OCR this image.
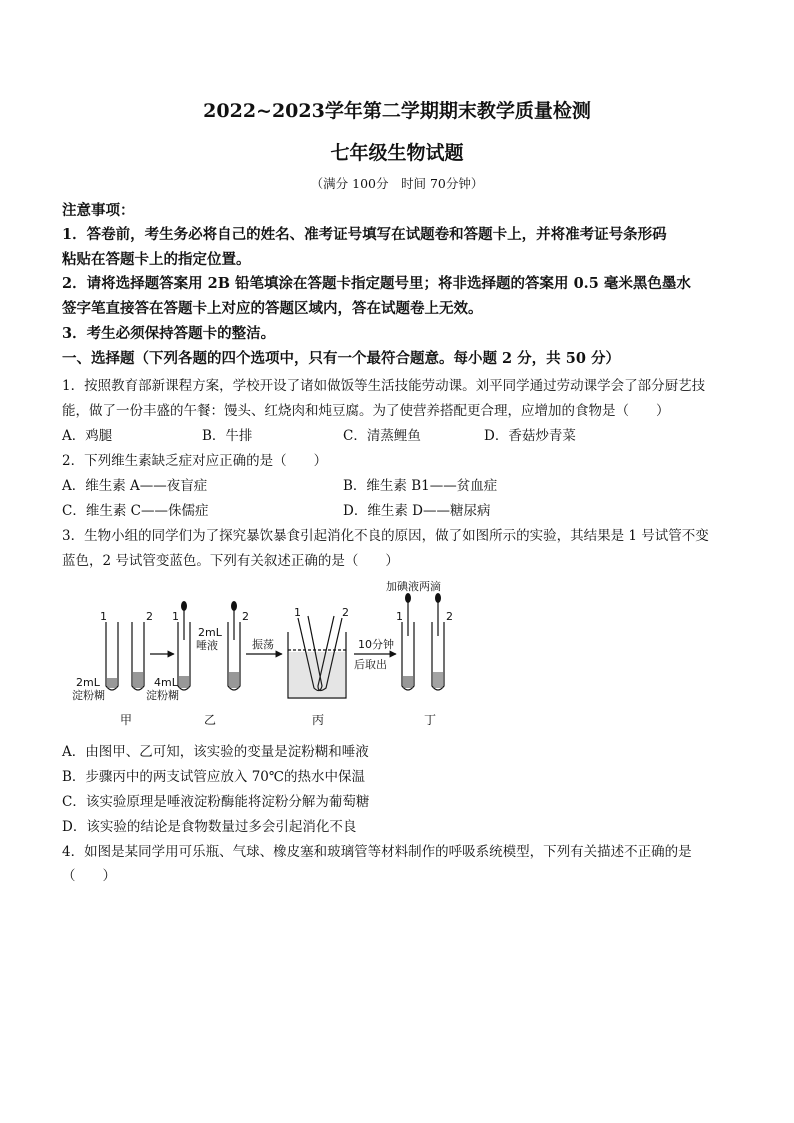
2022~2023学年第二学期期末教学质量检测
七年级生物试题
（满分 100分　时间 70分钟）
注意事项：
1．答卷前，考生务必将自己的姓名、准考证号填写在试题卷和答题卡上，并将准考证号条形码
粘贴在答题卡上的指定位置。
2．请将选择题答案用 2B 铅笔填涂在答题卡指定题号里；将非选择题的答案用 0.5 毫米黑色墨水
签字笔直接答在答题卡上对应的答题区域内，答在试题卷上无效。
3．考生必须保持答题卡的整洁。
一、选择题（下列各题的四个选项中，只有一个最符合题意。每小题 2 分，共 50 分）
1．按照教育部新课程方案，学校开设了诸如做饭等生活技能劳动课。刘平同学通过劳动课学会了部分厨艺技
能，做了一份丰盛的午餐：馒头、红烧肉和炖豆腐。为了使营养搭配更合理，应增加的食物是（　　）
A．鸡腿	B．牛排	C．清蒸鲤鱼	D．香菇炒青菜
2．下列维生素缺乏症对应正确的是（　　）
A．维生素 A——夜盲症	B．维生素 B1——贫血症
C．维生素 C——侏儒症	D．维生素 D——糖尿病
3．生物小组的同学们为了探究暴饮暴食引起消化不良的原因，做了如图所示的实验，其结果是 1 号试管不变
蓝色，2 号试管变蓝色。下列有关叙述正确的是（　　）
1	2 1	2	1	2	1	2
2mL
淀粉糊
4mL
淀粉糊
2mL
唾液	振荡	10分钟
后取出
加碘液两滴
甲	乙	丙	丁
A．由图甲、乙可知，该实验的变量是淀粉糊和唾液
B．步骤丙中的两支试管应放入 70℃的热水中保温
C．该实验原理是唾液淀粉酶能将淀粉分解为葡萄糖
D．该实验的结论是食物数量过多会引起消化不良
4．如图是某同学用可乐瓶、气球、橡皮塞和玻璃管等材料制作的呼吸系统模型，下列有关描述不正确的是
（　　）
